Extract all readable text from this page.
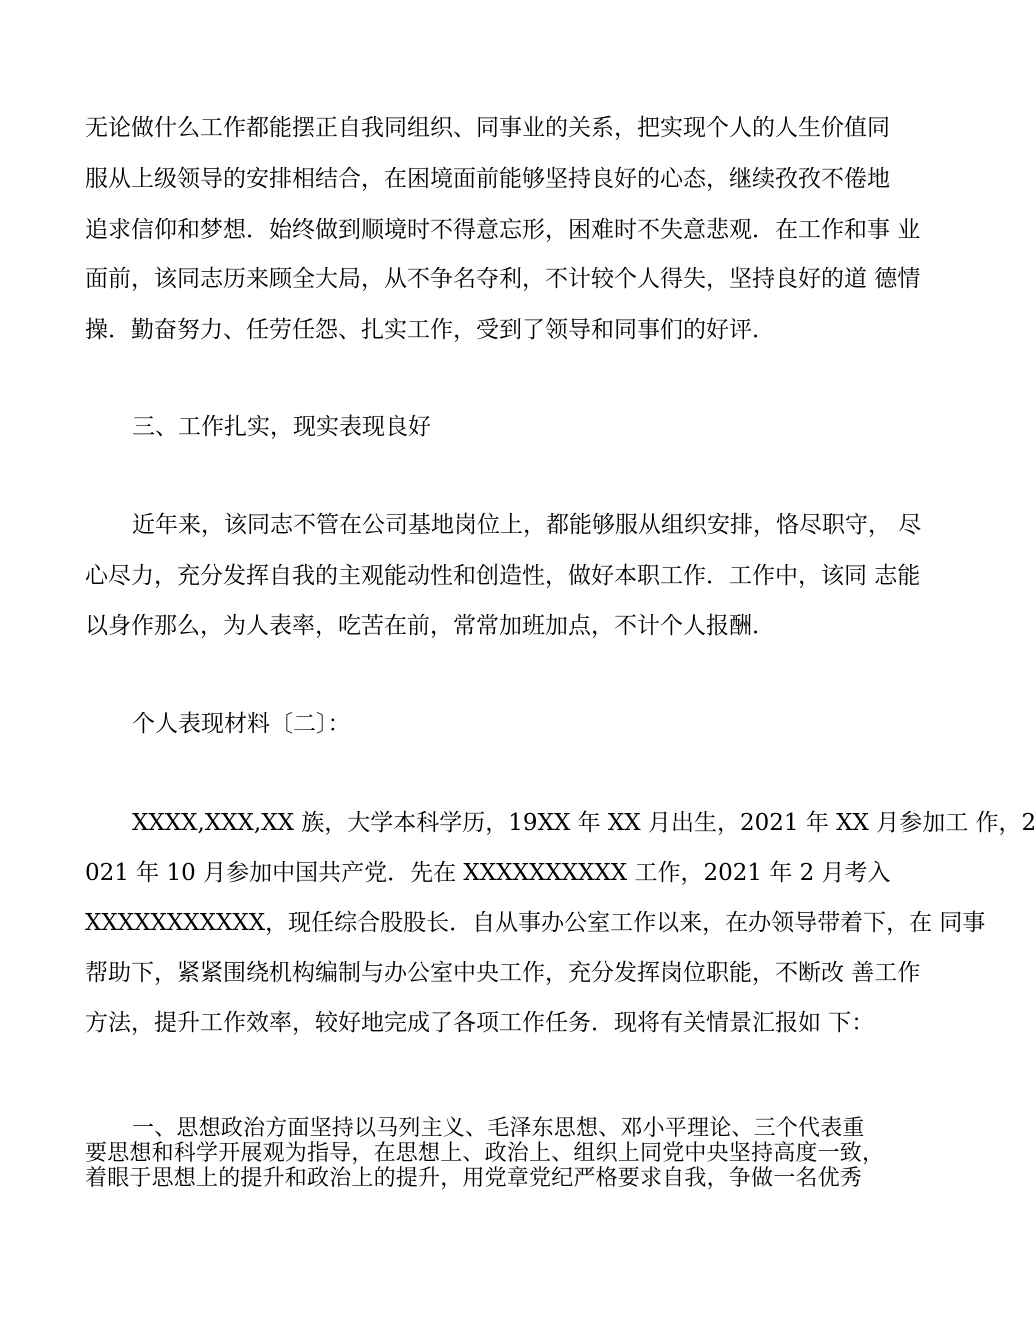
无论做什么工作都能摆正自我同组织、同事业的关系，把实现个人的人生价值同
服从上级领导的安排相结合，在困境面前能够坚持良好的心态，继续孜孜不倦地
追求信仰和梦想．始终做到顺境时不得意忘形，困难时不失意悲观．在工作和事 业
面前，该同志历来顾全大局，从不争名夺利，不计较个人得失，坚持良好的道 德情
操．勤奋努力、任劳任怨、扎实工作，受到了领导和同事们的好评．
三、工作扎实，现实表现良好
近年来，该同志不管在公司基地岗位上，都能够服从组织安排，恪尽职守， 尽
心尽力，充分发挥自我的主观能动性和创造性，做好本职工作．工作中，该同 志能
以身作那么，为人表率，吃苦在前，常常加班加点，不计个人报酬．
个人表现材料〔二〕：
XXXX,XXX,XX 族，大学本科学历，19XX 年 XX 月出生，2021 年 XX 月参加工 作，2
021 年 10 月参加中国共产党．先在 XXXXXXXXXX 工作，2021 年 2 月考入
XXXXXXXXXXX，现任综合股股长．自从事办公室工作以来，在办领导带着下，在 同事
帮助下，紧紧围绕机构编制与办公室中央工作，充分发挥岗位职能，不断改 善工作
方法，提升工作效率，较好地完成了各项工作任务．现将有关情景汇报如 下：
一、思想政治方面坚持以马列主义、毛泽东思想、邓小平理论、三个代表重
要思想和科学开展观为指导，在思想上、政治上、组织上同党中央坚持高度一致，
着眼于思想上的提升和政治上的提升，用党章党纪严格要求自我，争做一名优秀
